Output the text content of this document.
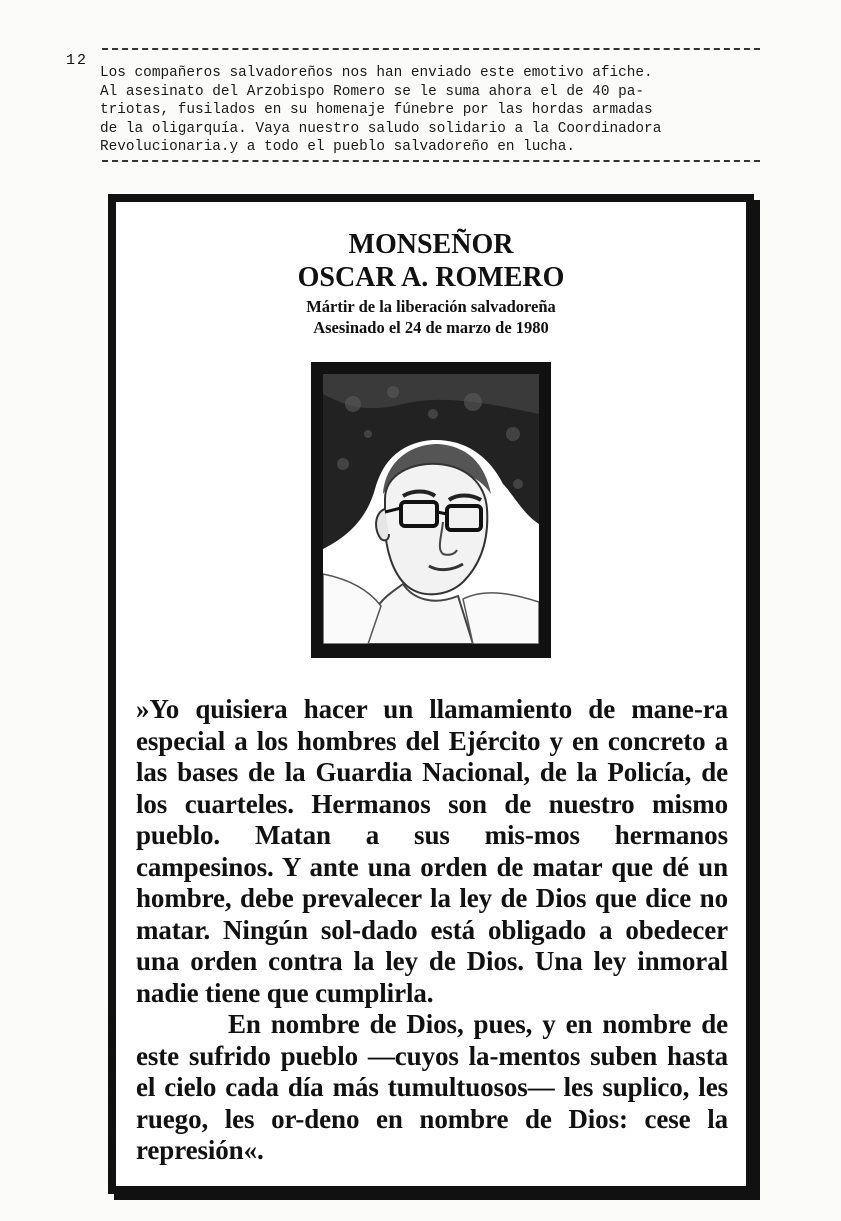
12

Los compañeros salvadoreños nos han enviado este emotivo afiche.
Al asesinato del Arzobispo Romero se le suma ahora el de 40 pa-
triotas, fusilados en su homenaje fúnebre por las hordas armadas
de la oligarquía. Vaya nuestro saludo solidario a la Coordinadora
Revolucionaria.y a todo el pueblo salvadoreño en lucha.

MONSEÑOR
OSCAR A. ROMERO
Mártir de la liberación salvadoreña
Asesinado el 24 de marzo de 1980

»Yo quisiera hacer un llamamiento de mane-ra especial a los hombres del Ejército y en concreto a las bases de la Guardia Nacional, de la Policía, de los cuarteles. Hermanos son de nuestro mismo pueblo. Matan a sus mis-mos hermanos campesinos. Y ante una orden de matar que dé un hombre, debe prevalecer la ley de Dios que dice no matar. Ningún sol-dado está obligado a obedecer una orden contra la ley de Dios. Una ley inmoral nadie tiene que cumplirla.

En nombre de Dios, pues, y en nombre de este sufrido pueblo —cuyos la-mentos suben hasta el cielo cada día más tumultuosos— les suplico, les ruego, les or-deno en nombre de Dios: cese la represión«.

CENTRO VICTOR SANABRIA SAN JOSE, COSTA RICA
